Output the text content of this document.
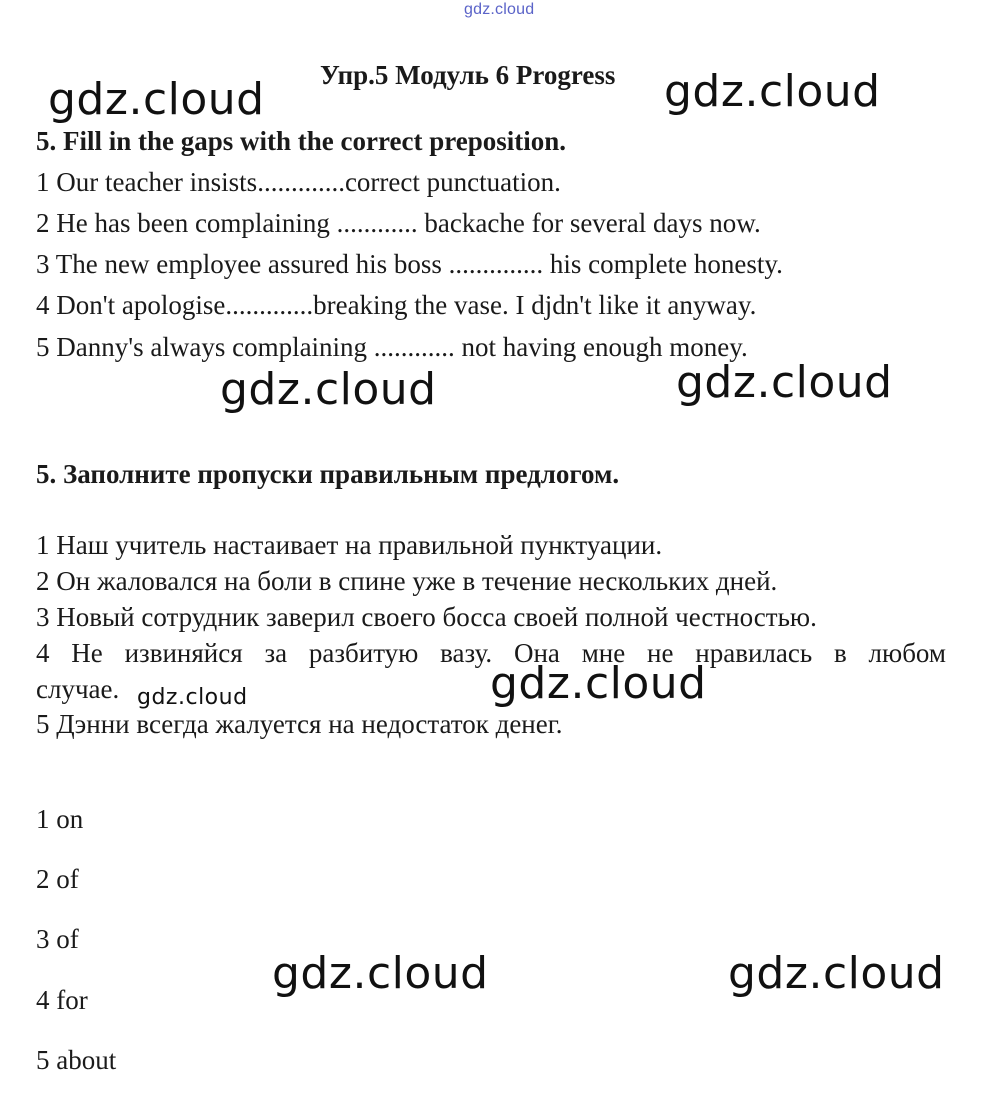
gdz.cloud
Упр.5 Модуль 6 Progress
5. Fill in the gaps with the correct preposition.
1 Our teacher insists.............correct punctuation.
2 He has been complaining ............ backache for several days now.
3 The new employee assured his boss .............. his complete honesty.
4 Don't apologise.............breaking the vase. I djdn't like it anyway.
5 Danny's always complaining ............ not having enough money.
5. Заполните пропуски правильным предлогом.
1 Наш учитель настаивает на правильной пунктуации.
2 Он жаловался на боли в спине уже в течение нескольких дней.
3 Новый сотрудник заверил своего босса своей полной честностью.
4 Не извиняйся за разбитую вазу. Она мне не нравилась в любом
случае.
5 Дэнни всегда жалуется на недостаток денег.
1 on
2 of
3 of
4 for
5 about
gdz.cloud	gdz.cloud
gdz.cloud	gdz.cloud
gdz.cloud	gdz.cloud
gdz.cloud	gdz.cloud
